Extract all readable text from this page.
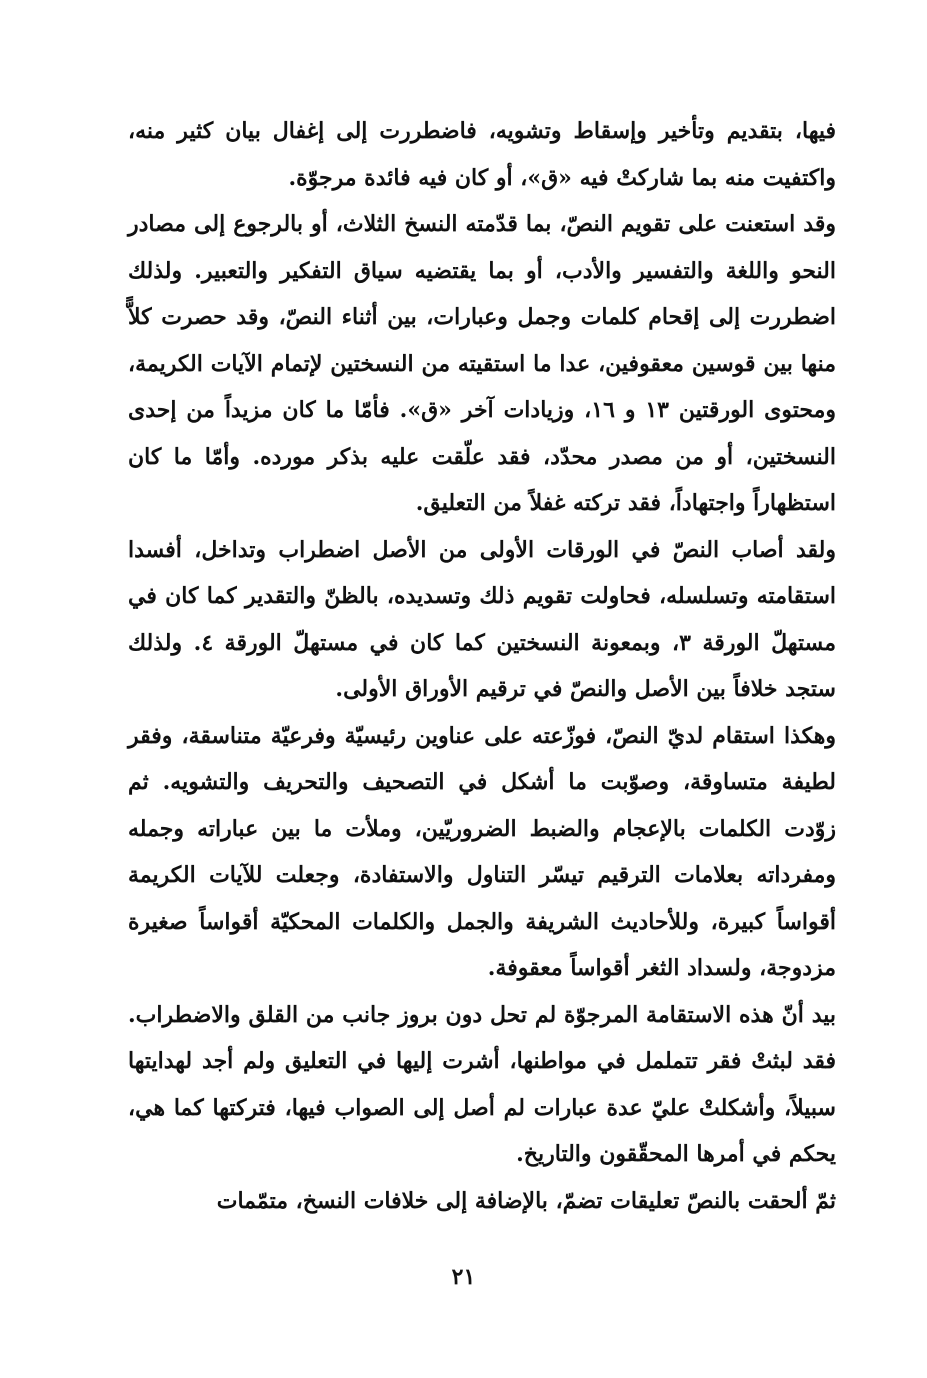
فيها، بتقديم وتأخير وإسقاط وتشويه، فاضطررت إلى إغفال بيان كثير منه، واكتفيت منه بما شاركتْ فيه «ق»، أو كان فيه فائدة مرجوّة.

وقد استعنت على تقويم النصّ، بما قدّمته النسخ الثلاث، أو بالرجوع إلى مصادر النحو واللغة والتفسير والأدب، أو بما يقتضيه سياق التفكير والتعبير. ولذلك اضطررت إلى إقحام كلمات وجمل وعبارات، بين أثناء النصّ، وقد حصرت كلاًّ منها بين قوسين معقوفين، عدا ما استقيته من النسختين لإتمام الآيات الكريمة، ومحتوى الورقتين ١٣ و ١٦، وزيادات آخر «ق». فأمّا ما كان مزيداً من إحدى النسختين، أو من مصدر محدّد، فقد علّقت عليه بذكر مورده. وأمّا ما كان استظهاراً واجتهاداً، فقد تركته غفلاً من التعليق.

ولقد أصاب النصّ في الورقات الأولى من الأصل اضطراب وتداخل، أفسدا استقامته وتسلسله، فحاولت تقويم ذلك وتسديده، بالظنّ والتقدير كما كان في مستهلّ الورقة ٣، وبمعونة النسختين كما كان في مستهلّ الورقة ٤. ولذلك ستجد خلافاً بين الأصل والنصّ في ترقيم الأوراق الأولى.

وهكذا استقام لديّ النصّ، فوزّعته على عناوين رئيسيّة وفرعيّة متناسقة، وفقر لطيفة متساوقة، وصوّبت ما أشكل في التصحيف والتحريف والتشويه. ثم زوّدت الكلمات بالإعجام والضبط الضروريّين، وملأت ما بين عباراته وجمله ومفرداته بعلامات الترقيم تيسّر التناول والاستفادة، وجعلت للآيات الكريمة أقواساً كبيرة، وللأحاديث الشريفة والجمل والكلمات المحكيّة أقواساً صغيرة مزدوجة، ولسداد الثغر أقواساً معقوفة.

بيد أنّ هذه الاستقامة المرجوّة لم تحل دون بروز جانب من القلق والاضطراب. فقد لبثتْ فقر تتململ في مواطنها، أشرت إليها في التعليق ولم أجد لهدايتها سبيلاً، وأشكلتْ عليّ عدة عبارات لم أصل إلى الصواب فيها، فتركتها كما هي، يحكم في أمرها المحقّقون والتاريخ.

ثمّ ألحقت بالنصّ تعليقات تضمّ، بالإضافة إلى خلافات النسخ، متمّمات

٢١
